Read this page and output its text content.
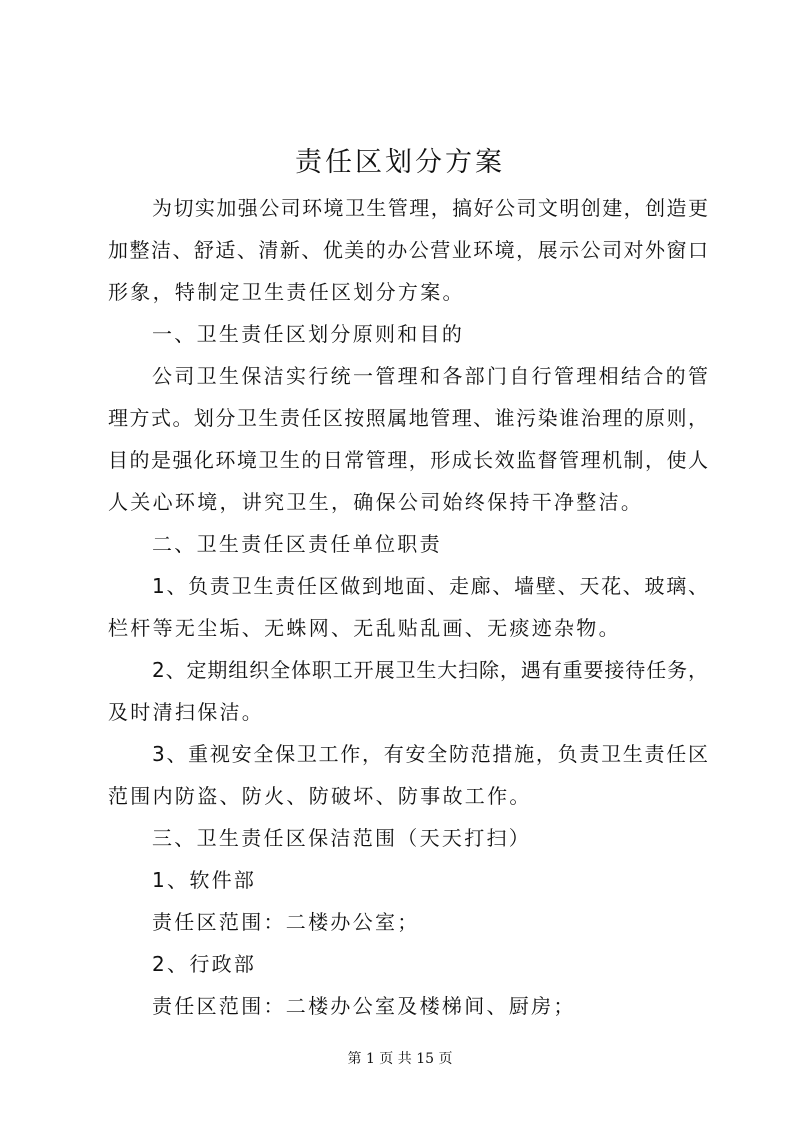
责任区划分方案
为切实加强公司环境卫生管理，搞好公司文明创建，创造更
加整洁、舒适、清新、优美的办公营业环境，展示公司对外窗口
形象，特制定卫生责任区划分方案。
一、卫生责任区划分原则和目的
公司卫生保洁实行统一管理和各部门自行管理相结合的管
理方式。划分卫生责任区按照属地管理、谁污染谁治理的原则，
目的是强化环境卫生的日常管理，形成长效监督管理机制，使人
人关心环境，讲究卫生，确保公司始终保持干净整洁。
二、卫生责任区责任单位职责
1、负责卫生责任区做到地面、走廊、墙壁、天花、玻璃、
栏杆等无尘垢、无蛛网、无乱贴乱画、无痰迹杂物。
2、定期组织全体职工开展卫生大扫除，遇有重要接待任务，
及时清扫保洁。
3、重视安全保卫工作，有安全防范措施，负责卫生责任区
范围内防盗、防火、防破坏、防事故工作。
三、卫生责任区保洁范围（天天打扫）
1、软件部
责任区范围：二楼办公室；
2、行政部
责任区范围：二楼办公室及楼梯间、厨房；
第 1 页 共 15 页
